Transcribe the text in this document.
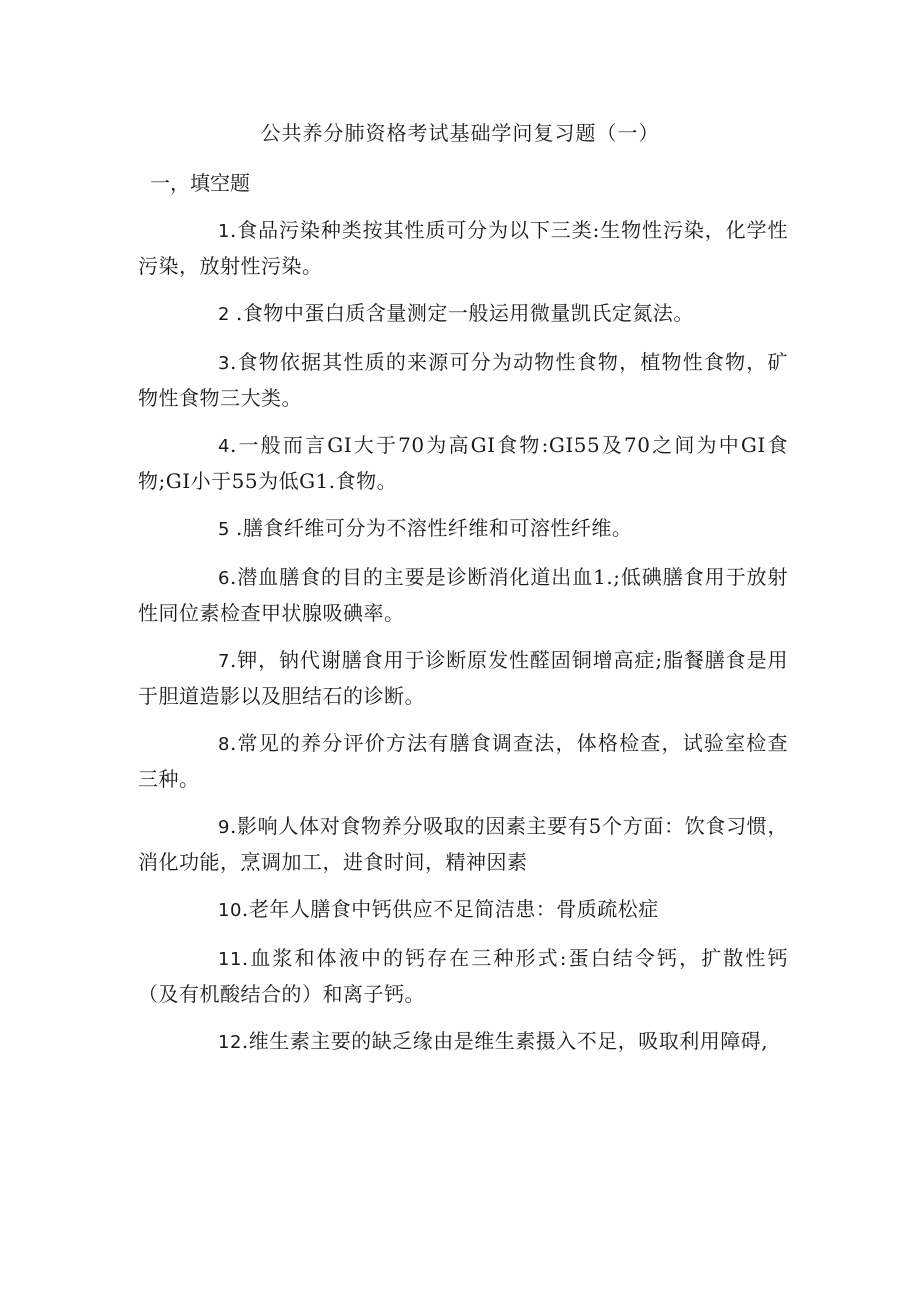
公共养分肺资格考试基础学问复习题（一）
一，填空题
1.食品污染种类按其性质可分为以下三类:生物性污染，化学性污染，放射性污染。
2 .食物中蛋白质含量测定一般运用微量凯氏定氮法。
3.食物依据其性质的来源可分为动物性食物，植物性食物，矿物性食物三大类。
4.一般而言GI大于70为高GI食物:GI55及70之间为中GI食物;GI小于55为低G1.食物。
5 .膳食纤维可分为不溶性纤维和可溶性纤维。
6.潜血膳食的目的主要是诊断消化道出血1.;低碘膳食用于放射性同位素检查甲状腺吸碘率。
7.钾，钠代谢膳食用于诊断原发性醛固铜增高症;脂餐膳食是用于胆道造影以及胆结石的诊断。
8.常见的养分评价方法有膳食调查法，体格检查，试验室检查三种。
9.影响人体对食物养分吸取的因素主要有5个方面：饮食习惯，消化功能，烹调加工，进食时间，精神因素
10.老年人膳食中钙供应不足简洁患：骨质疏松症
11.血浆和体液中的钙存在三种形式:蛋白结令钙，扩散性钙（及有机酸结合的）和离子钙。
12.维生素主要的缺乏缘由是维生素摄入不足，吸取利用障碍,
